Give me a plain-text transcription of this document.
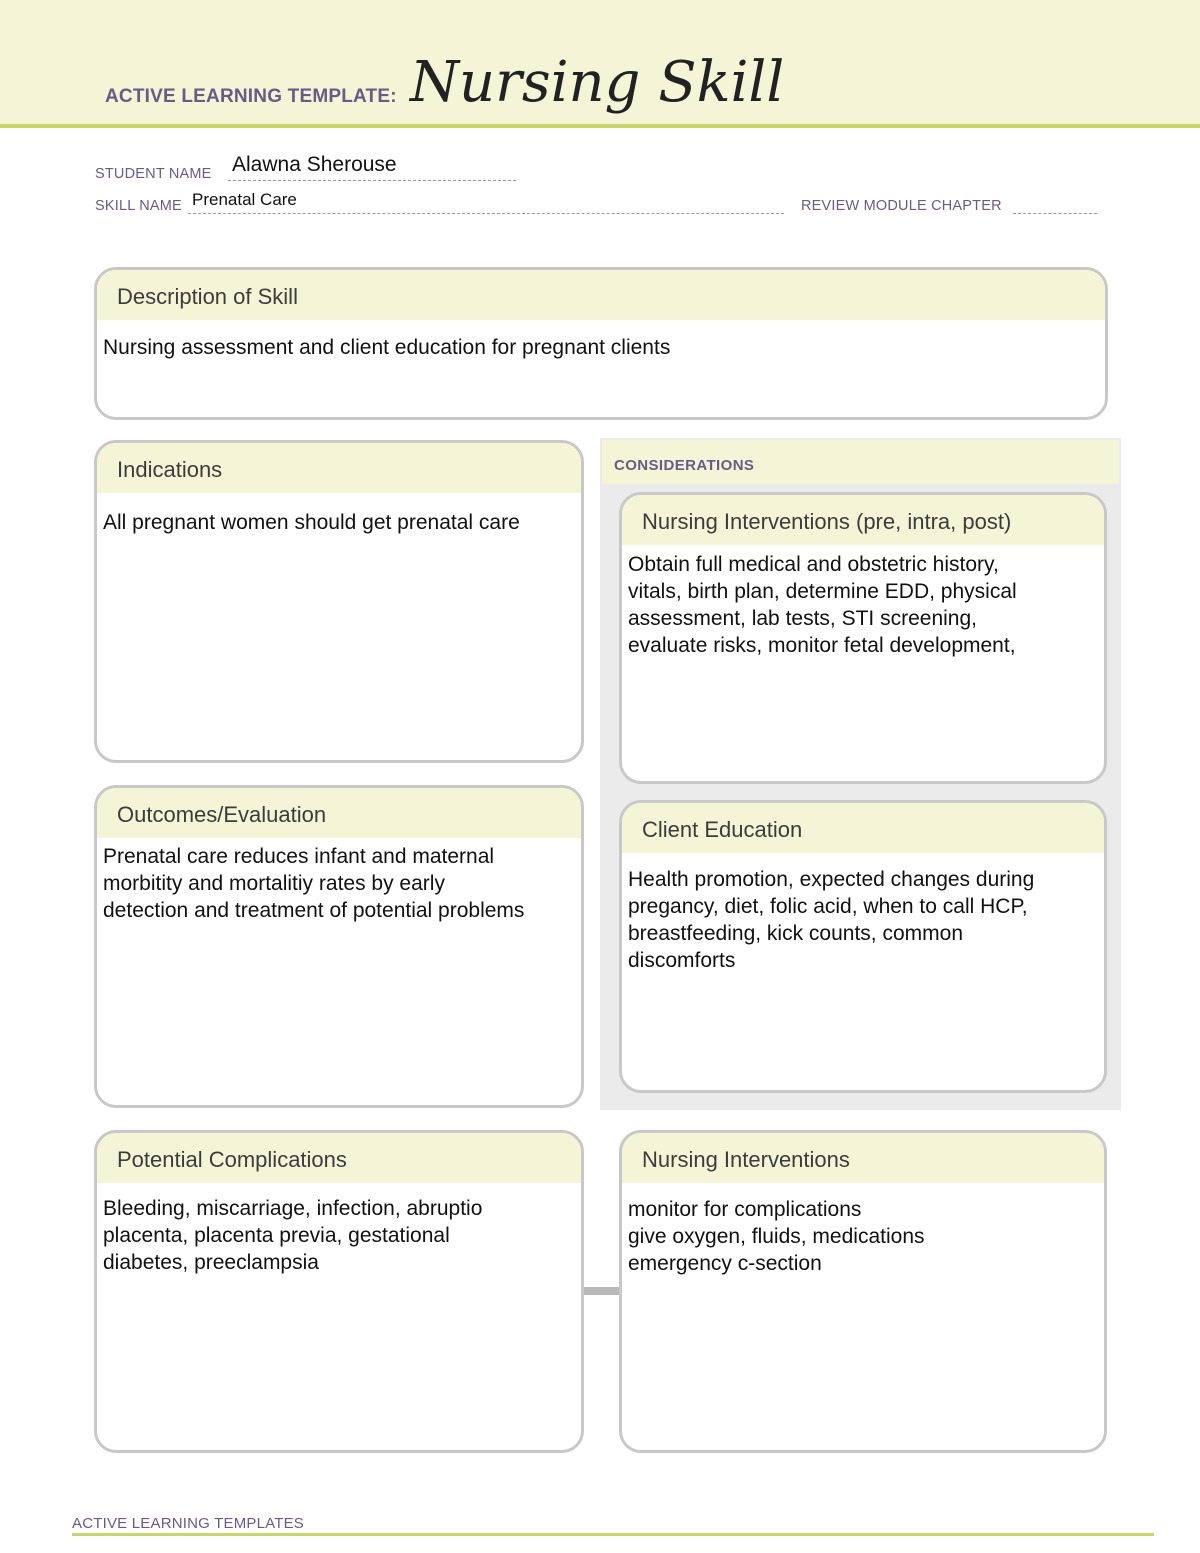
ACTIVE LEARNING TEMPLATE: Nursing Skill
STUDENT NAME Alawna Sherouse
SKILL NAME Prenatal Care	REVIEW MODULE CHAPTER
Description of Skill
Nursing assessment and client education for pregnant clients
Indications
All pregnant women should get prenatal care
Outcomes/Evaluation
Prenatal care reduces infant and maternal
morbitity and mortalitiy rates by early
detection and treatment of potential problems
CONSIDERATIONS
Nursing Interventions (pre, intra, post)
Obtain full medical and obstetric history,
vitals, birth plan, determine EDD, physical
assessment, lab tests, STI screening,
evaluate risks, monitor fetal development,
Client Education
Health promotion, expected changes during
pregancy, diet, folic acid, when to call HCP,
breastfeeding, kick counts, common
discomforts
Potential Complications
Bleeding, miscarriage, infection, abruptio
placenta, placenta previa, gestational
diabetes, preeclampsia
Nursing Interventions
monitor for complications
give oxygen, fluids, medications
emergency c-section
ACTIVE LEARNING TEMPLATES
